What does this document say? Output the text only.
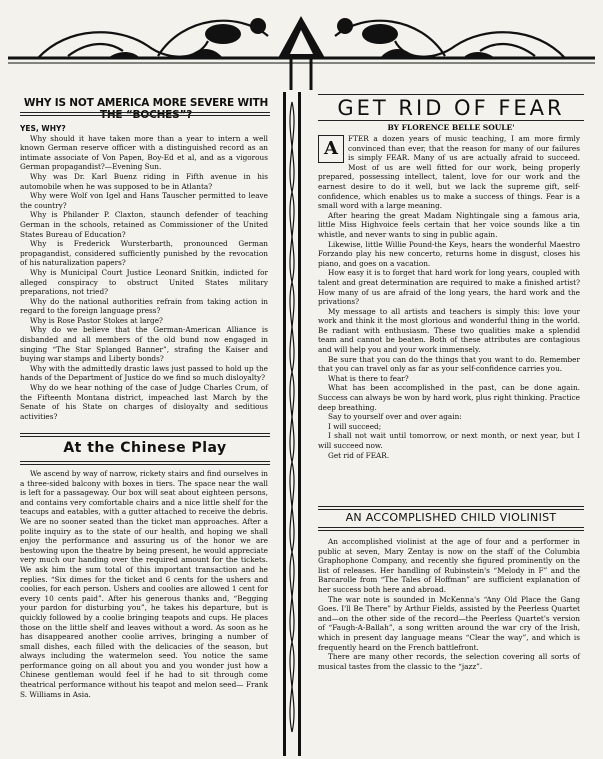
WHY IS NOT AMERICA MORE SEVERE WITH THE “BOCHES”?

YES, WHY?

Why should it have taken more than a year to intern a well known German reserve officer with a distinguished record as an intimate associate of Von Papen, Boy-Ed et al, and as a vigorous German propagandist?—Evening Sun.

Why was Dr. Karl Buenz riding in Fifth avenue in his automobile when he was supposed to be in Atlanta?

Why were Wolf von Igel and Hans Tauscher permitted to leave the country?

Why is Philander P. Claxton, staunch defender of teaching German in the schools, retained as Commissioner of the United States Bureau of Education?

Why is Frederick Wursterbarth, pronounced German propagandist, considered sufficiently punished by the revocation of his naturalization papers?

Why is Municipal Court Justice Leonard Snitkin, indicted for alleged conspiracy to obstruct United States military preparations, not tried?

Why do the national authorities refrain from taking action in regard to the foreign language press?

Why is Rose Pastor Stokes at large?

Why do we believe that the German-American Alliance is disbanded and all members of the old bund now engaged in singing “The Star Splanged Banner”, strafing the Kaiser and buying war stamps and Liberty bonds?

Why with the admittedly drastic laws just passed to hold up the hands of the Department of Justice do we find so much disloyalty?

Why do we hear nothing of the case of Judge Charles Crum, of the Fifteenth Montana district, impeached last March by the Senate of his State on charges of disloyalty and seditious activities?

At the Chinese Play

We ascend by way of narrow, rickety stairs and find ourselves in a three-sided balcony with boxes in tiers. The space near the wall is left for a passageway. Our box will seat about eighteen persons, and contains very comfortable chairs and a nice little shelf for the teacups and eatables, with a gutter attached to receive the debris. We are no sooner seated than the ticket man approaches. After a polite inquiry as to the state of our health, and hoping we shall enjoy the performance and assuring us of the honor we are bestowing upon the theatre by being present, he would appreciate very much our handing over the required amount for the tickets. We ask him the sum total of this important transaction and he replies. “Six dimes for the ticket and 6 cents for the ushers and coolies, for each person. Ushers and coolies are allowed 1 cent for every 10 cents paid”. After his generous thanks and, “Begging your pardon for disturbing you”, he takes his departure, but is quickly followed by a coolie bringing teapots and cups. He places those on the little shelf and leaves without a word. As soon as he has disappeared another coolie arrives, bringing a number of small dishes, each filled with the delicacies of the season, but always including the watermelon seed. You notice the same performance going on all about you and you wonder just how a Chinese gentleman would feel if he had to sit through come theatrical performance without his teapot and melon seed— Frank S. Williams in Asia.

GET RID OF FEAR
BY FLORENCE BELLE SOULE'

A	FTER a dozen years of music teaching, I am more firmly convinced than ever, that the reason for many of our failures is simply FEAR. Many of us are actually afraid to succeed. Most of us are well fitted for our work, being properly prepared, possessing intellect, talent, love for our work and the earnest desire to do it well, but we lack the supreme gift, self-confidence, which enables us to make a success of things. Fear is a small word with a large meaning.

After hearing the great Madam Nightingale sing a famous aria, little Miss Highvoice feels certain that her voice sounds like a tin whistle, and never wants to sing in public again.

Likewise, little Willie Pound-the Keys, hears the wonderful Maestro Forzando play his new concerto, returns home in disgust, closes his piano, and goes on a vacation.

How easy it is to forget that hard work for long years, coupled with talent and great determination are required to make a finished artist? How many of us are afraid of the long years, the hard work and the privations?

My message to all artists and teachers is simply this: love your work and think it the most glorious and wonderful thing in the world. Be radiant with enthusiasm. These two qualities make a splendid team and cannot be beaten. Both of these attributes are contagious and will help you and your work immensely.

Be sure that you can do the things that you want to do. Remember that you can travel only as far as your self-confidence carries you.

What is there to fear?

What has been accomplished in the past, can be done again. Success can always be won by hard work, plus right thinking. Practice deep breathing.

Say to yourself over and over again:

I will succeed;

I shall not wait until tomorrow, or next month, or next year, but I will succeed now.

Get rid of FEAR.

AN ACCOMPLISHED CHILD VIOLINIST

An accomplished violinist at the age of four and a performer in public at seven, Mary Zentay is now on the staff of the Columbia Graphophone Company, and recently she figured prominently on the list of releases. Her handling of Rubinstein's “Melody in F” and the Barcarolle from “The Tales of Hoffman” are sufficient explanation of her success both here and abroad.

The war note is sounded in McKenna's “Any Old Place the Gang Goes. I'll Be There” by Arthur Fields, assisted by the Peerless Quartet and—on the other side of the record—the Peerless Quartet's version of “Faugh-A-Ballah”, a song written around the war cry of the Irish, which in present day language means “Clear the way”, and which is frequently heard on the French battlefront.

There are many other records, the selection covering all sorts of musical tastes from the classic to the “jazz”.
